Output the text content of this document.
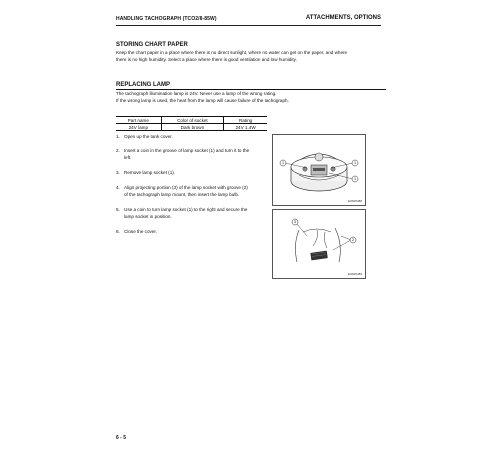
HANDLING TACHOGRAPH (TCO2/8-85W)	ATTACHMENTS, OPTIONS
STORING CHART PAPER
Keep the chart paper in a place where there is no direct sunlight, where no water can get on the paper, and where
there is no high humidity. Select a place where there is good ventilation and low humidity.
REPLACING LAMP
The tachograph illumination lamp is 24V. Never use a lamp of the wrong rating.
If the wrong lamp is used, the heat from the lamp will cause failure of the tachograph.
Part name	Color of socket	Rating
24V lamp	Dark brown	24V 1.4W
1. Open up the tank cover.
2. Insert a coin in the groove of lamp socket (1) and turn it to the
left.
3. Remove lamp socket (1).
4. Align projecting portion (3) of the lamp socket with groove (2)
of the tachograph lamp mount, then insert the lamp bulb.
5. Use a coin to turn lamp socket (1) to the right and secure the
lamp socket in position.
6. Close the cover.
1	1
1
E0S05488
3
2
E0S05489
6 - 5
